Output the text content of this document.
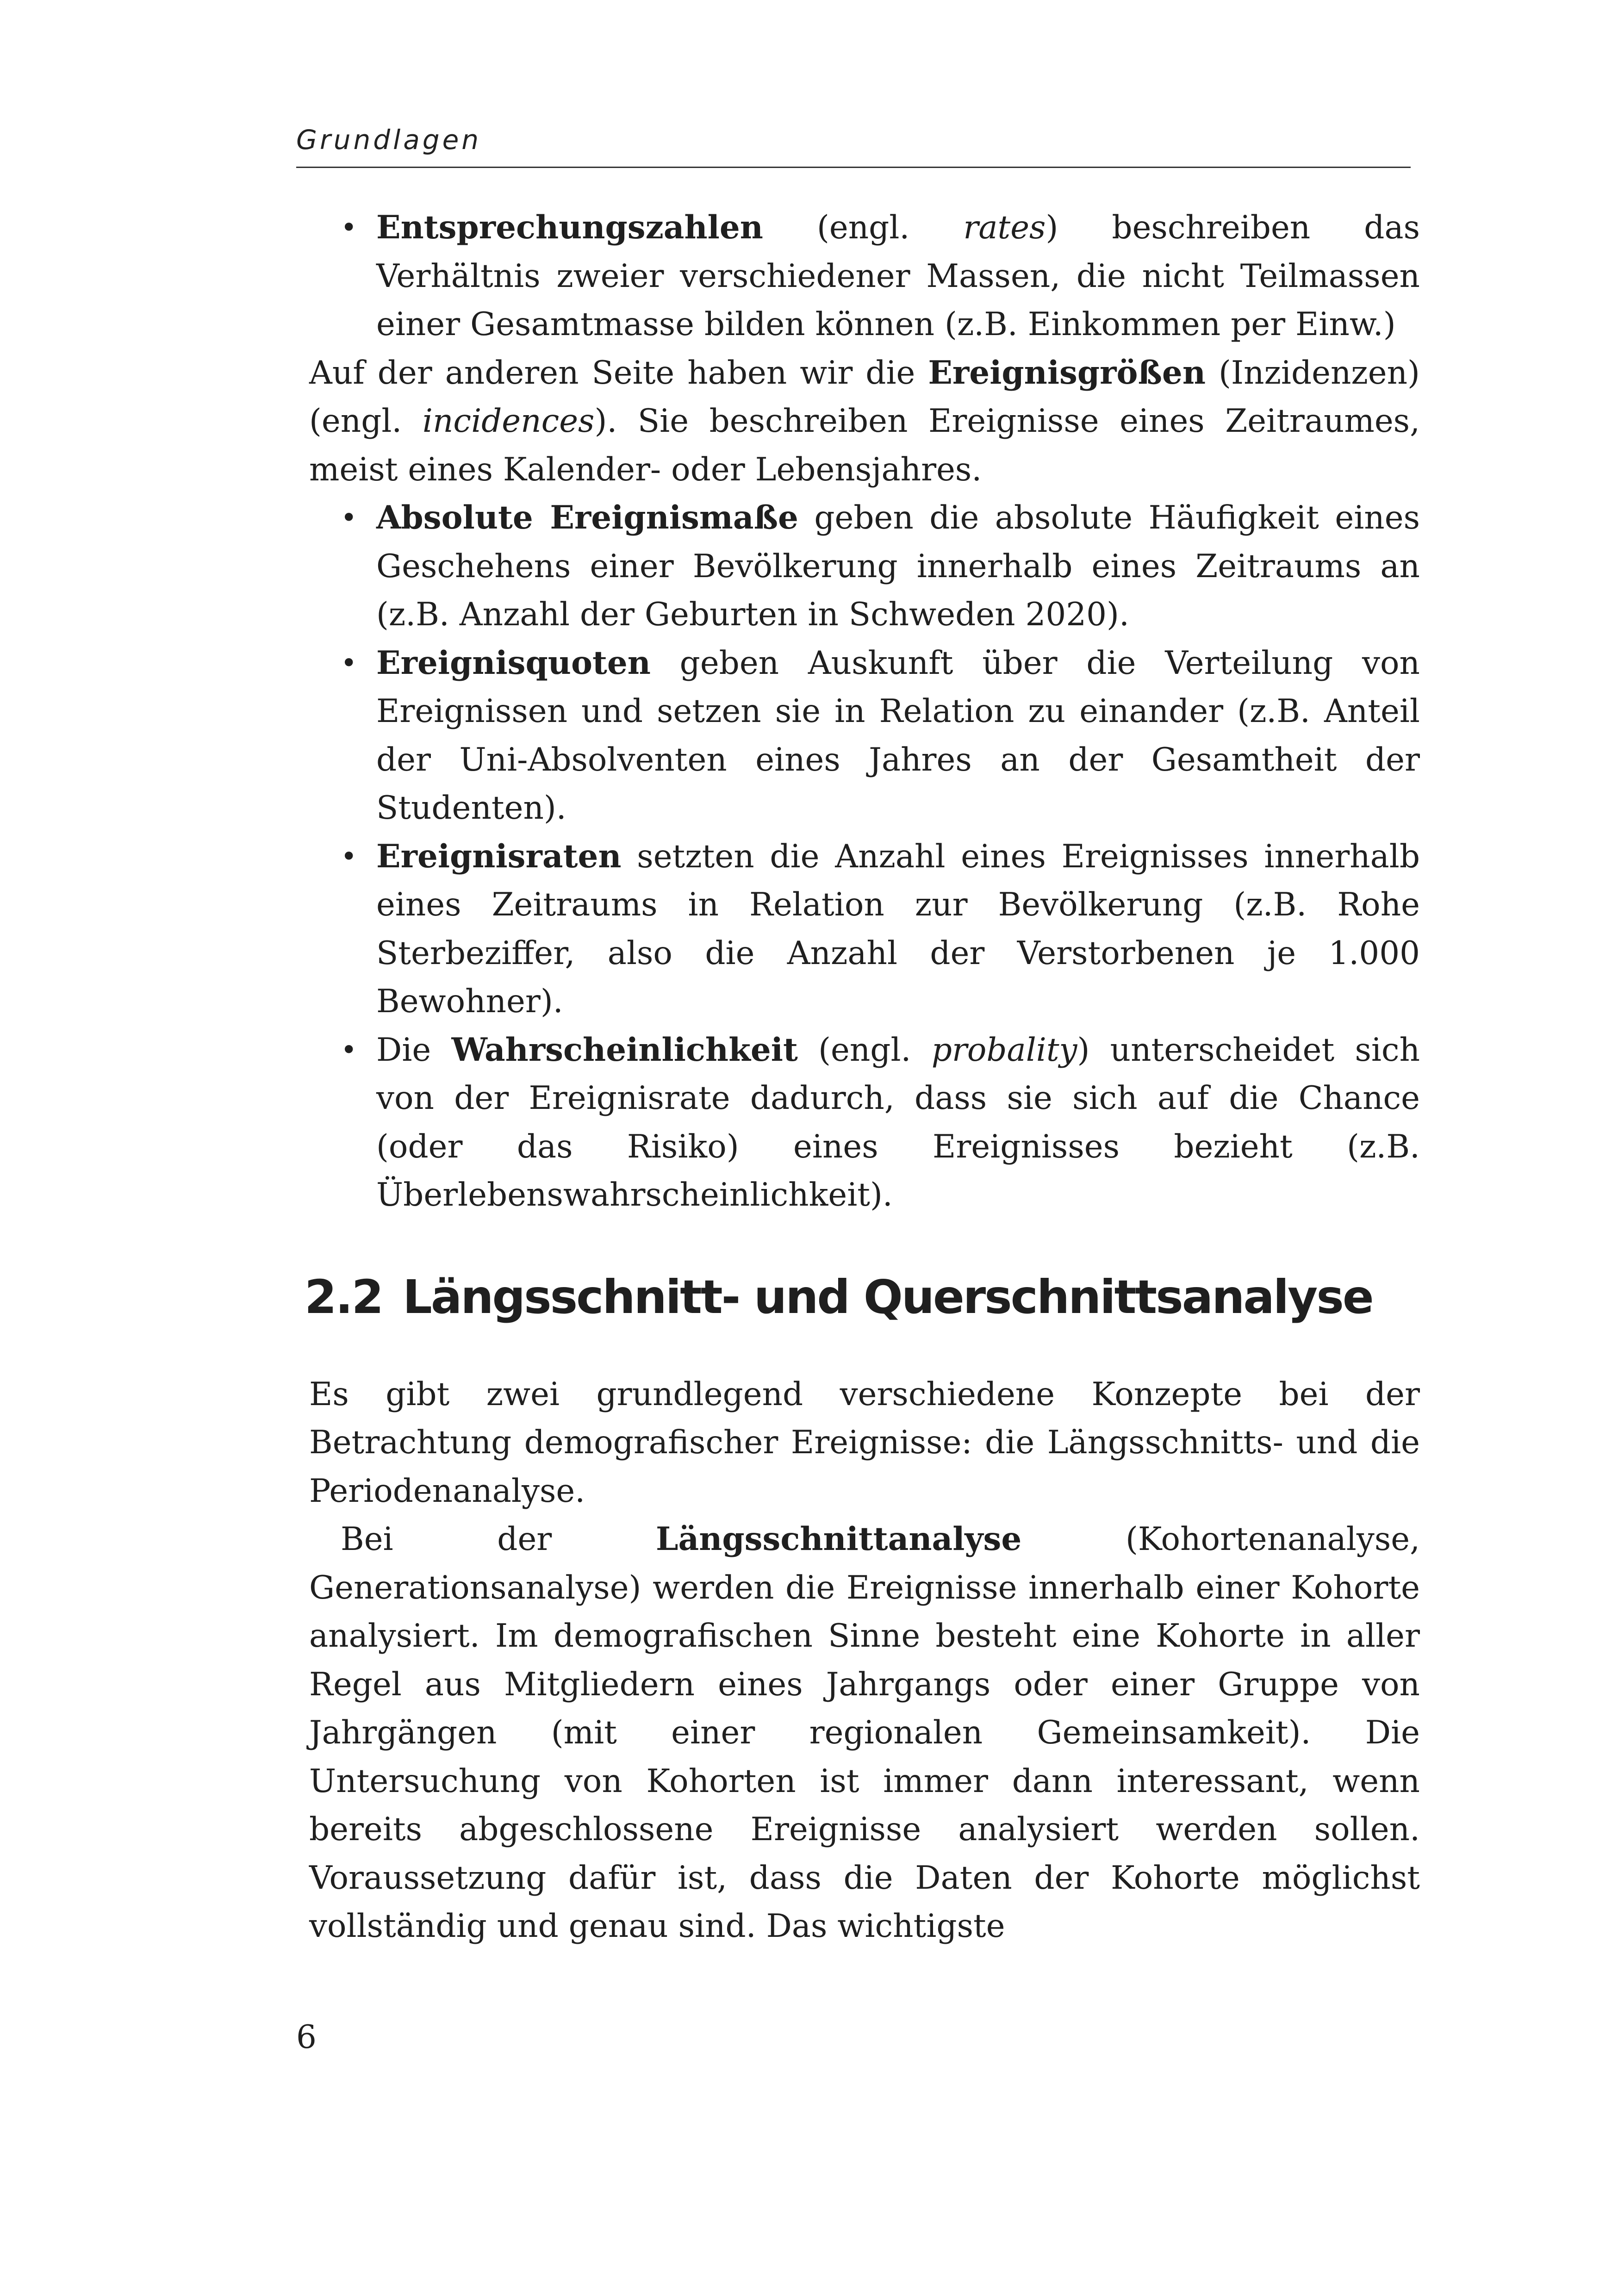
Grundlagen
• Entsprechungszahlen (engl. rates) beschreiben das Verhältnis zweier verschiedener Massen, die nicht Teilmassen einer Gesamtmasse bilden können (z.B. Einkommen per Einw.)

Auf der anderen Seite haben wir die Ereignisgrößen (Inzidenzen) (engl. incidences). Sie beschreiben Ereignisse eines Zeitraumes, meist eines Kalender- oder Lebensjahres.

• Absolute Ereignismaße geben die absolute Häufigkeit eines Geschehens einer Bevölkerung innerhalb eines Zeitraums an (z.B. Anzahl der Geburten in Schweden 2020).
• Ereignisquoten geben Auskunft über die Verteilung von Ereignissen und setzen sie in Relation zu einander (z.B. Anteil der Uni-Absolventen eines Jahres an der Gesamtheit der Studenten).
• Ereignisraten setzten die Anzahl eines Ereignisses innerhalb eines Zeitraums in Relation zur Bevölkerung (z.B. Rohe Sterbeziffer, also die Anzahl der Verstorbenen je 1.000 Bewohner).
• Die Wahrscheinlichkeit (engl. probality) unterscheidet sich von der Ereignisrate dadurch, dass sie sich auf die Chance (oder das Risiko) eines Ereignisses bezieht (z.B. Überlebenswahrscheinlichkeit).
2.2 Längsschnitt- und Querschnittsanalyse

Es gibt zwei grundlegend verschiedene Konzepte bei der Betrachtung demografischer Ereignisse: die Längsschnitts- und die Periodenanalyse.

Bei der Längsschnittanalyse (Kohortenanalyse, Generationsanalyse) werden die Ereignisse innerhalb einer Kohorte analysiert. Im demografischen Sinne besteht eine Kohorte in aller Regel aus Mitgliedern eines Jahrgangs oder einer Gruppe von Jahrgängen (mit einer regionalen Gemeinsamkeit). Die Untersuchung von Kohorten ist immer dann interessant, wenn bereits abgeschlossene Ereignisse analysiert werden sollen. Voraussetzung dafür ist, dass die Daten der Kohorte möglichst vollständig und genau sind. Das wichtigste

6
